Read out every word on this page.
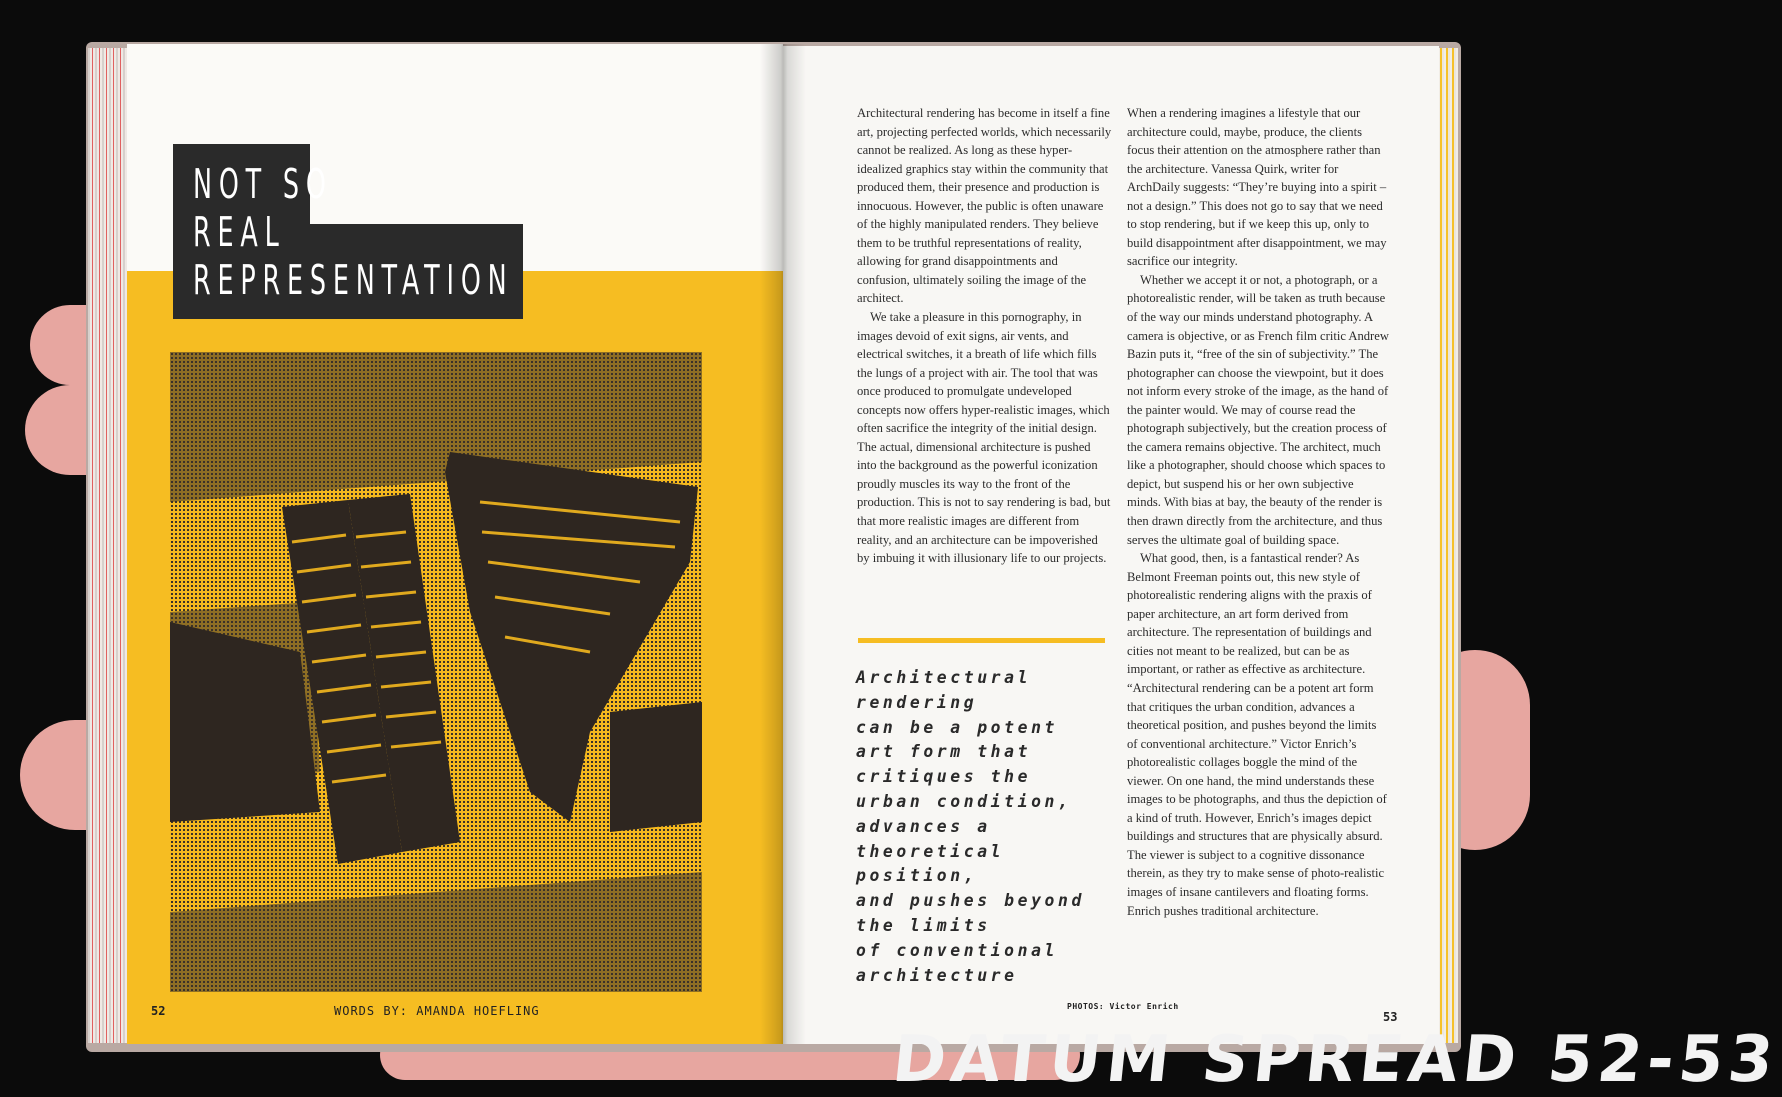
NOT SO
REAL
REPRESENTATION
52	WORDS BY: AMANDA HOEFLING

Architectural rendering has become in itself a fine art, projecting perfected worlds, which necessarily cannot be realized. As long as these hyper-idealized graphics stay within the community that produced them, their presence and production is innocuous. However, the public is often unaware of the highly manipulated renders. They believe them to be truthful representations of reality, allowing for grand disappointments and confusion, ultimately soiling the image of the architect.

We take a pleasure in this pornography, in images devoid of exit signs, air vents, and electrical switches, it a breath of life which fills the lungs of a project with air. The tool that was once produced to promulgate undeveloped concepts now offers hyper-realistic images, which often sacrifice the integrity of the initial design. The actual, dimensional architecture is pushed into the background as the powerful iconization proudly muscles its way to the front of the production. This is not to say rendering is bad, but that more realistic images are different from reality, and an architecture can be impoverished by imbuing it with illusionary life to our projects.

Architectural
rendering
can be a potent
art form that
critiques the
urban condition,
advances a
theoretical
position,
and pushes beyond
the limits
of conventional
architecture

When a rendering imagines a lifestyle that our architecture could, maybe, produce, the clients focus their attention on the atmosphere rather than the architecture. Vanessa Quirk, writer for ArchDaily suggests: “They’re buying into a spirit – not a design.” This does not go to say that we need to stop rendering, but if we keep this up, only to build disappointment after disappointment, we may sacrifice our integrity.

Whether we accept it or not, a photograph, or a photorealistic render, will be taken as truth because of the way our minds understand photography. A camera is objective, or as French film critic Andrew Bazin puts it, “free of the sin of subjectivity.” The photographer can choose the viewpoint, but it does not inform every stroke of the image, as the hand of the painter would. We may of course read the photograph subjectively, but the creation process of the camera remains objective. The architect, much like a photographer, should choose which spaces to depict, but suspend his or her own subjective minds. With bias at bay, the beauty of the render is then drawn directly from the architecture, and thus serves the ultimate goal of building space.

What good, then, is a fantastical render? As Belmont Freeman points out, this new style of photorealistic rendering aligns with the praxis of paper architecture, an art form derived from architecture. The representation of buildings and cities not meant to be realized, but can be as important, or rather as effective as architecture. “Architectural rendering can be a potent art form that critiques the urban condition, advances a theoretical position, and pushes beyond the limits of conventional architecture.” Victor Enrich’s photorealistic collages boggle the mind of the viewer. On one hand, the mind understands these images to be photographs, and thus the depiction of a kind of truth. However, Enrich’s images depict buildings and structures that are physically absurd. The viewer is subject to a cognitive dissonance therein, as they try to make sense of photo-realistic images of insane cantilevers and floating forms. Enrich pushes traditional architecture.

PHOTOS: Victor Enrich
53
DATUM SPREAD 52-53
